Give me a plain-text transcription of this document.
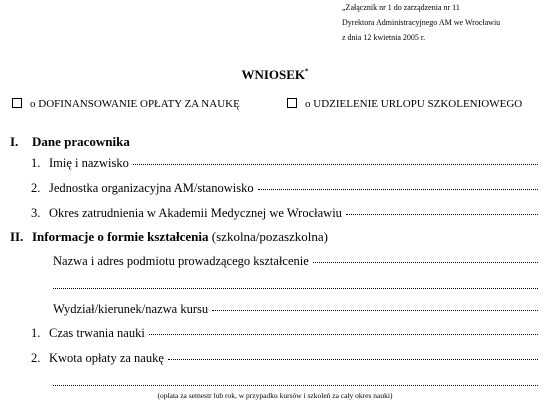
„Załącznik nr 1 do zarządzenia nr 11
Dyrektora Administracyjnego AM we Wrocławiu
z dnia 12 kwietnia 2005 r.
WNIOSEK*
o DOFINANSOWANIE OPŁATY ZA NAUKĘ	o UDZIELENIE URLOPU SZKOLENIOWEGO
I. Dane pracownika
1. Imię i nazwisko
2. Jednostka organizacyjna AM/stanowisko
3. Okres zatrudnienia w Akademii Medycznej we Wrocławiu
II. Informacje o formie kształcenia (szkolna/pozaszkolna)
Nazwa i adres podmiotu prowadzącego kształcenie
Wydział/kierunek/nazwa kursu
1. Czas trwania nauki
2. Kwota opłaty za naukę
(opłata za semestr lub rok, w przypadku kursów i szkoleń za cały okres nauki)
